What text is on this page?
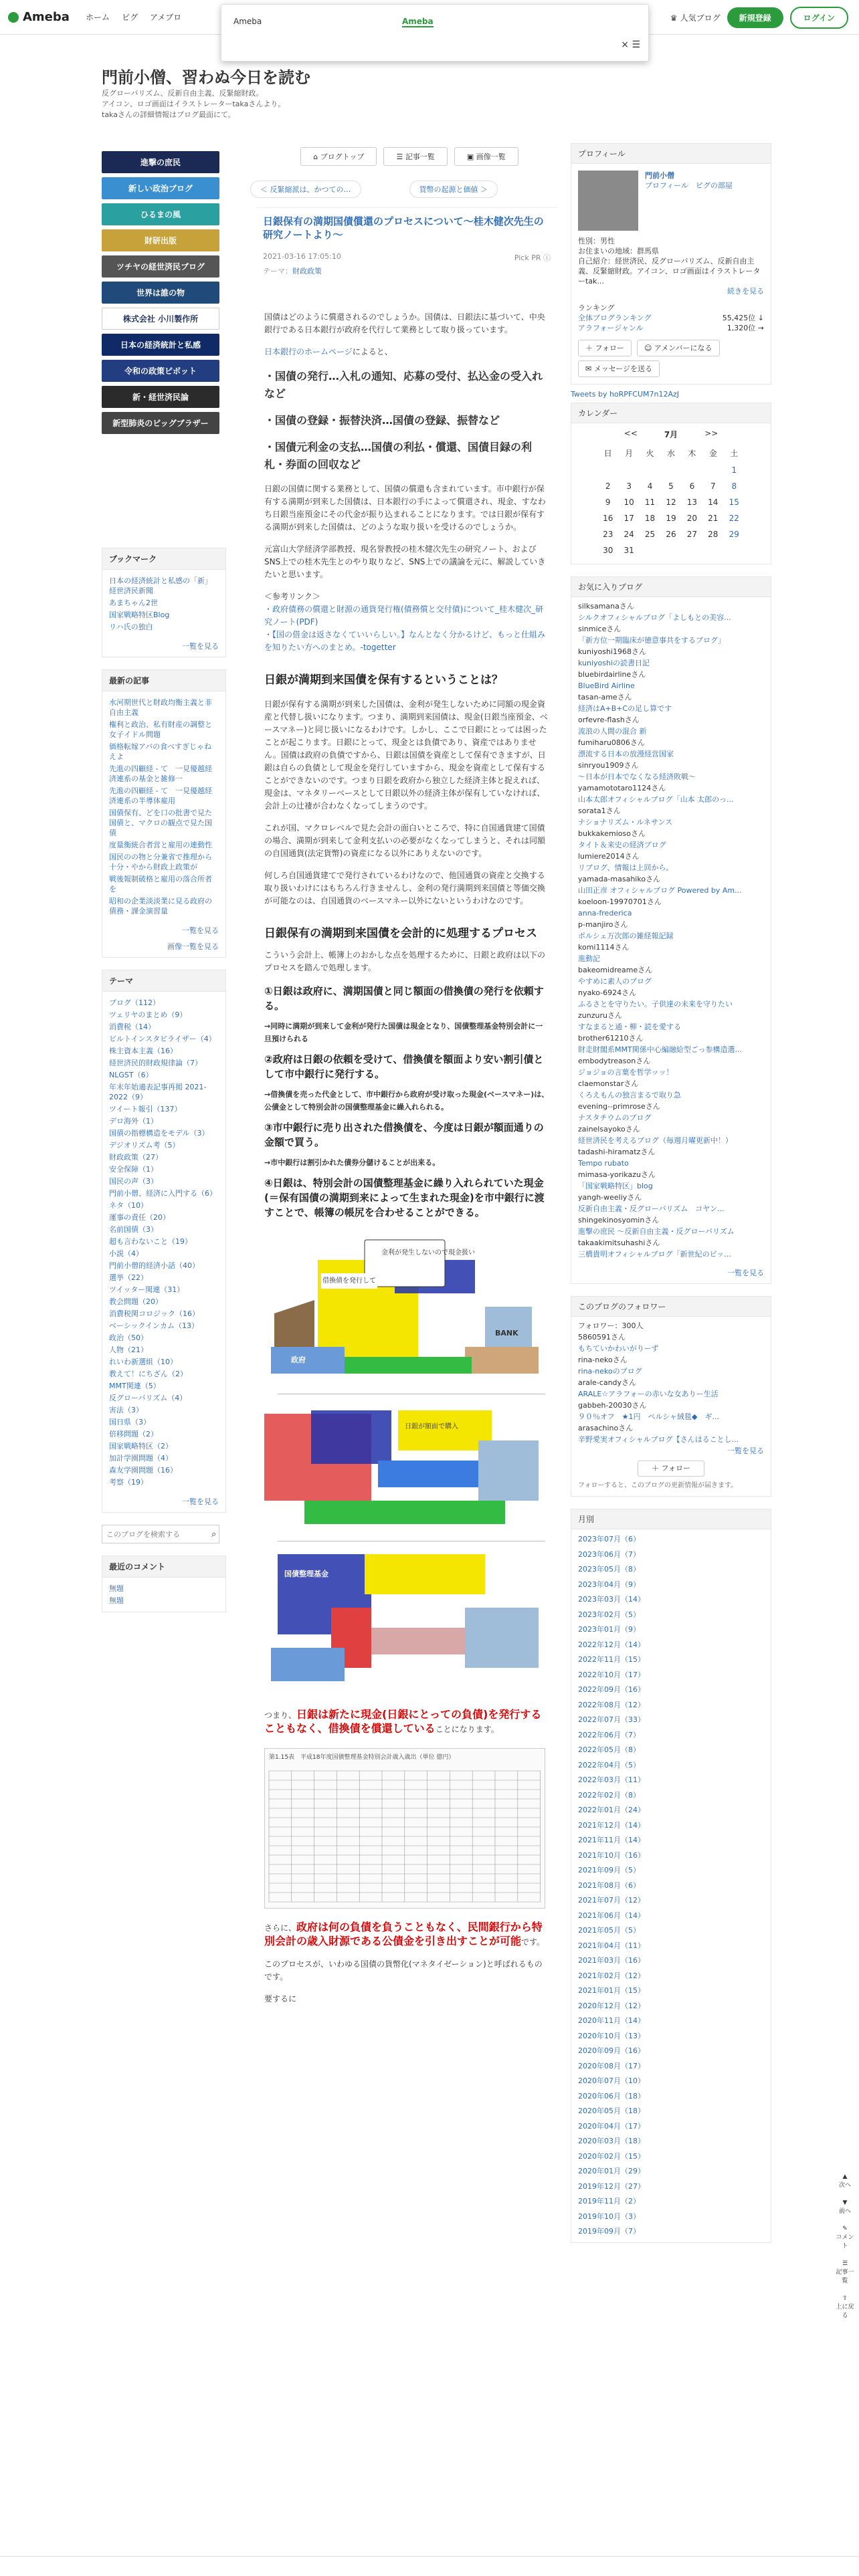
Ameba ホーム ピグ アメブロ	♛ 人気ブログ	新規登録	ログイン
Ameba	Ameba
× ☰
門前小僧、習わぬ今日を読む
反グローバリズム、反新自由主義、反緊縮財政。
アイコン、ロゴ画面はイラストレーターtakaさんより。
takaさんの詳細情報はブログ最面にて。
進撃の庶民
新しい政治ブログ
ひるまの風
財研出版
ツチヤの経世済民ブログ
世界は誰の物
株式会社 小川製作所
日本の経済統計と私感
令和の政策ピボット
新・経世済民論
新型肺炎のビッグブラザー
ブックマーク
日本の経済統計と私感の「新」経世済民新聞
あまちゃん2世
国家戦略特区Blog
リハ氏の独白
一覧を見る
最新の記事
水河期世代と財政均衡主義と非自由主義
権利と政治、私有財産の調整と女子イドル問題
価格転嫁アバの食べすぎじゃねえよ
先進の四顧経 - て　一見優越経済連系の基金と雑修一
先進の四顧経 - て　一見優越経済連系の半導体雇用
国債保有、どを口の批書で見た国債と、マクロの観点で見た国債
度量衡統合者営と雇用の連動性
国民のの物と分兼省で推理から十分・やから財政上政策が
戦後報制破格と雇用の落合所者を
昭和の企業淡淡業に見る政府の債務・課金演習量
一覧を見る
画像一覧を見る
テーマ
ブログ（112）
ツェリヤのまとめ（9）
消費税（14）
ビルトインスタビライザー（4）
株主資本主義（16）
経世済民的財政規律論（7）
NLGST（6）
年末年始適表記事再掲 2021-2022（9）
ツイート報引（137）
デロ海外（1）
国債の指標構造をモデル（3）
デジオリズム考（5）
財政政策（27）
安全保障（1）
国民の声（3）
門前小僧、経済に入門する（6）
ネタ（10）
運事の責任（20）
名前国債（3）
超も言わないこと（19）
小説（4）
門前小僧的経済小話（40）
選挙（22）
ツイッター関連（31）
教会問題（20）
消費税関コロジック（16）
ベーシックインカム（13）
政治（50）
人物（21）
れいわ新選組（10）
教えて！にちざん（2）
MMT関連（5）
反グローバリズム（4）
害法（3）
国日県（3）
倍移問題（2）
国家戦略特区（2）
加計学園問題（4）
森友学園問題（16）
考察（19）
一覧を見る
このブログを検索する
⌕
最近のコメント
無題
無題
⌂ ブログトップ	☰ 記事一覧	▣ 画像一覧
＜ 反緊縮派は、かつての…	貨幣の起源と価値 ＞
日銀保有の満期国債償還のプロセスについて〜桂木健次先生の研究ノートより〜
2021-03-16 17:05:10	Pick PR ⓘ
テーマ：財政政策

国債はどのように償還されるのでしょうか。国債は、日銀法に基づいて、中央銀行である日本銀行が政府を代行して業務として取り扱っています。

日本銀行のホームページによると、

・国債の発行…入札の通知、応募の受付、払込金の受入れなど
・国債の登録・振替決済…国債の登録、振替など
・国債元利金の支払…国債の利払・償還、国債目録の利札・券面の回収など

日銀の国債に関する業務として、国債の償還も含まれています。市中銀行が保有する満期が到来した国債は、日本銀行の手によって償還され、現金、すなわち日銀当座預金にその代金が振り込まれることになります。では日銀が保有する満期が到来した国債は、どのような取り扱いを受けるのでしょうか。

元富山大学経済学部教授、現名誉教授の桂木健次先生の研究ノート、およびSNS上での桂木先生とのやり取りなど、SNS上での議論を元に、解説していきたいと思います。

＜参考リンク＞
・政府債務の償還と財源の通貨発行権(債務償と交付債)について_桂木健次_研究ノート(PDF)
・【国の借金は返さなくていいらしい。】なんとなく分かるけど、もっと仕組みを知りたい方へのまとめ。-togetter
日銀が満期到来国債を保有するということは？

日銀が保有する満期が到来した国債は、金利が発生しないために同額の現金資産と代替し扱いになります。つまり、満期到来国債は、現金(日銀当座預金、ベースマネー)と同じ扱いになるわけです。しかし、ここで日銀にとっては困ったことが起こります。日銀にとって、現金とは負債であり、資産ではありません。国債は政府の負債ですから、日銀は国債を資産として保有できますが、日銀は自らの負債として現金を発行していますから、現金を資産として保有することができないのです。つまり日銀を政府から独立した経済主体と捉えれば、現金は、マネタリーベースとして日銀以外の経済主体が保有していなければ、会計上の辻褄が合わなくなってしまうのです。

これが国、マクロレベルで見た会計の面白いところで、特に自国通貨建て国債の場合、満期が到来して金利支払いの必要がなくなってしまうと、それは同額の自国通貨(法定貨幣)の資産になる以外にありえないのです。

何しろ自国通貨建てで発行されているわけなので、他国通貨の資産と交換する取り扱いわけにはもちろん行きませんし、金利の発行満期到来国債と等価交換が可能なのは、自国通貨のベースマネー以外にないというわけなのです。

日銀保有の満期到来国債を会計的に処理するプロセス

こういう会計上、帳簿上のおかしな点を処理するために、日銀と政府は以下のプロセスを踏んで処理します。

①日銀は政府に、満期国債と同じ額面の借換債の発行を依頼する。
→同時に満期が到来して金利が発行た国債は現金となり、国債整理基金特別会計に一旦預けられる
②政府は日銀の依頼を受けて、借換債を額面より安い割引債として市中銀行に発行する。
→借換債を売った代金として、市中銀行から政府が受け取った現金(ベースマネー)は、公債金として特別会計の国債整理基金に繰入れられる。
③市中銀行に売り出された借換債を、今度は日銀が額面通りの金額で買う。
→市中銀行は割引かれた債券分儲けることが出来る。
④日銀は、特別会計の国債整理基金に繰り入れられていた現金(＝保有国債の満期到来によって生まれた現金)を市中銀行に渡すことで、帳簿の帳尻を合わせることができる。
金利が発生しないので現金扱い
借換債を発行して
日銀が額面で購入
日本銀行
政府
BANK
国債整理基金

つまり、日銀は新たに現金(日銀にとっての負債)を発行することもなく、借換債を償還していることになります。

第1.15表　平成18年度国債整理基金特別会計歳入歳出（単位 億円）

さらに、政府は何の負債を負うこともなく、民間銀行から特別会計の歳入財源である公債金を引き出すことが可能です。

このプロセスが、いわゆる国債の貨幣化(マネタイゼーション)と呼ばれるものです。

要するに

プロフィール
門前小僧
プロフィール　ピグの部屋
性別：男性
お住まいの地域：群馬県
自己紹介：経世済民、反グローバリズム、反新自由主義、反緊縮財政。アイコン、ロゴ画面はイラストレーターtak...
続きを見る
ランキング
全体ブログランキング	55,425位 ↓
アラフォージャンル	1,320位 →
＋ フォロー	☺ アメンバーになる
✉ メッセージを送る
Tweets by hoRPFCUM7n12AzJ
カレンダー
<<	7月	>>
日	月	火	水	木	金	土
						1
2	3	4	5	6	7	8
9	10	11	12	13	14	15
16	17	18	19	20	21	22
23	24	25	26	27	28	29
30	31					
お気に入りブログ
silksamanaさん
シルクオフィシャルブログ「よしもとの美容...
sinmiceさん
「新方位一期臨床が徳意事共をするブログ」
kuniyoshi1968さん
kuniyoshiの読書日記
bluebirdairlineさん
BlueBird Airline
tasan-ameさん
経済はA+B+Cの足し算です
orfevre-flashさん
流浪の人間の混合 新
fumiharu0806さん
漂流する日本の放漫経営国家
sinryou1909さん
〜日本が日本でなくなる経済敗戦〜
yamamototaro1124さん
山本太郎オフィシャルブログ「山本 太郎のっ...
sorata1さん
ナショナリズム・ルネサンス
bukkakemiosoさん
タイト＆来史の経済ブログ
lumiere2014さん
リブログ、情報は上回から。
yamada-masahikoさん
山田正彦 オフィシャルブログ Powered by Am...
koeloon-19970701さん
anna-frederica
p-manjiroさん
ポルシェ万次郎の雑経報記録
komi1114さん
進動記
bakeomidreameさん
やすめに素人のブログ
nyako-6924さん
ふるさとを守りたい。子供達の未来を守りたい
zunzuruさん
すなまると通・柳・読を愛する
brother61210さん
財走財閣系MMT関係中心編融給型ごっ参構造選...
embodytreasonさん
ジョジョの言葉を哲学ッッ！
claemonstarさん
くろえもんの独言まるで取り急
evening--primroseさん
ナスタチウムのブログ
zainelsayokoさん
経世済民を考えるブログ（毎週月曜更新中！）
tadashi-hiramatzさん
Tempo rubato
mimasa-yorikazuさん
「国家戦略特区」blog
yangh-weeliyさん
反新自由主義・反グローバリズム　コヤン...
shingekinosyominさん
進撃の庶民 〜反新自由主義・反グローバリズム
takaakimitsuhashiさん
三橋貴明オフィシャルブログ「新世紀のビッ...
一覧を見る
このブログのフォロワー
フォロワー：300人
5860591さん
もちていかわいがりーず
rina-nekoさん
rina-nekoのブログ
arale-candyさん
ARALE☆アラフォーの赤いな女ありー生活
gabbeh-20030さん
９０％オフ　★1円　ペルシャ絨毯◆　ギ...
arasachinoさん
辛野愛実オフィシャルブログ【さんはることし...
一覧を見る
＋ フォロー
フォローすると、このブログの更新情報が届きます。
月別
2023年07月（6）
2023年06月（7）
2023年05月（8）
2023年04月（9）
2023年03月（14）
2023年02月（5）
2023年01月（9）
2022年12月（14）
2022年11月（15）
2022年10月（17）
2022年09月（16）
2022年08月（12）
2022年07月（33）
2022年06月（7）
2022年05月（8）
2022年04月（5）
2022年03月（11）
2022年02月（8）
2022年01月（24）
2021年12月（14）
2021年11月（14）
2021年10月（16）
2021年09月（5）
2021年08月（6）
2021年07月（12）
2021年06月（14）
2021年05月（5）
2021年04月（11）
2021年03月（16）
2021年02月（12）
2021年01月（15）
2020年12月（12）
2020年11月（14）
2020年10月（13）
2020年09月（16）
2020年08月（17）
2020年07月（10）
2020年06月（18）
2020年05月（18）
2020年04月（17）
2020年03月（18）
2020年02月（15）
2020年01月（29）
2019年12月（27）
2019年11月（2）
2019年10月（3）
2019年09月（7）
▲
次へ
▼
前へ
✎
コメント
☰
記事一覧
⇧
上に戻る
